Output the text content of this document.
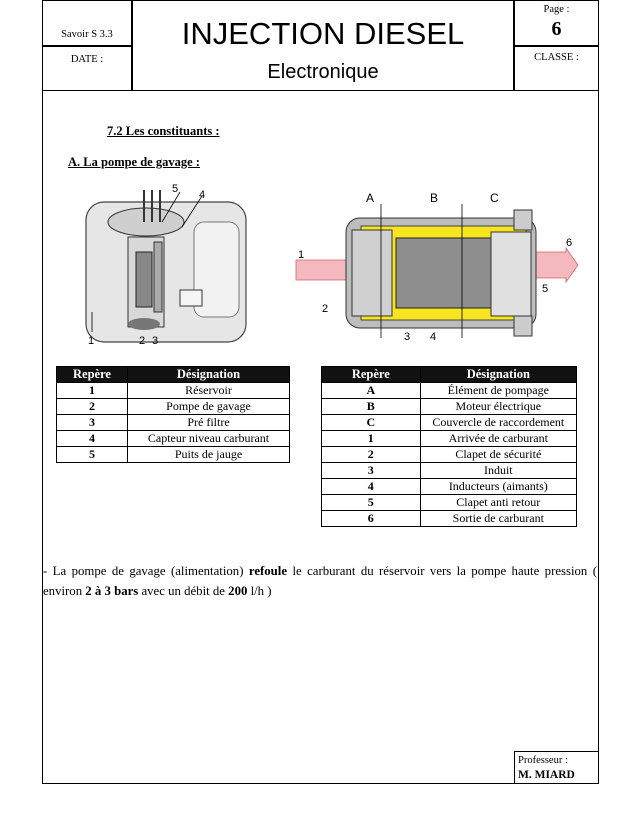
Savoir S 3.3
DATE :
INJECTION DIESEL
Electronique
Page :
6
CLASSE :
7.2 Les constituants :
A. La pompe de gavage :
5 4
1	2 3
A	B	C
1
2
3 4
5
6
Repère	Désignation
1	Réservoir
2	Pompe de gavage
3	Pré filtre
4	Capteur niveau carburant
5	Puits de jauge
Repère	Désignation
A	Élément de pompage
B	Moteur électrique
C	Couvercle de raccordement
1	Arrivée de carburant
2	Clapet de sécurité
3	Induit
4	Inducteurs (aimants)
5	Clapet anti retour
6	Sortie de carburant
- La pompe de gavage (alimentation) refoule le carburant du réservoir vers la pompe haute pression ( environ 2 à 3 bars avec un débit de 200 l/h )
Professeur :
M. MIARD
